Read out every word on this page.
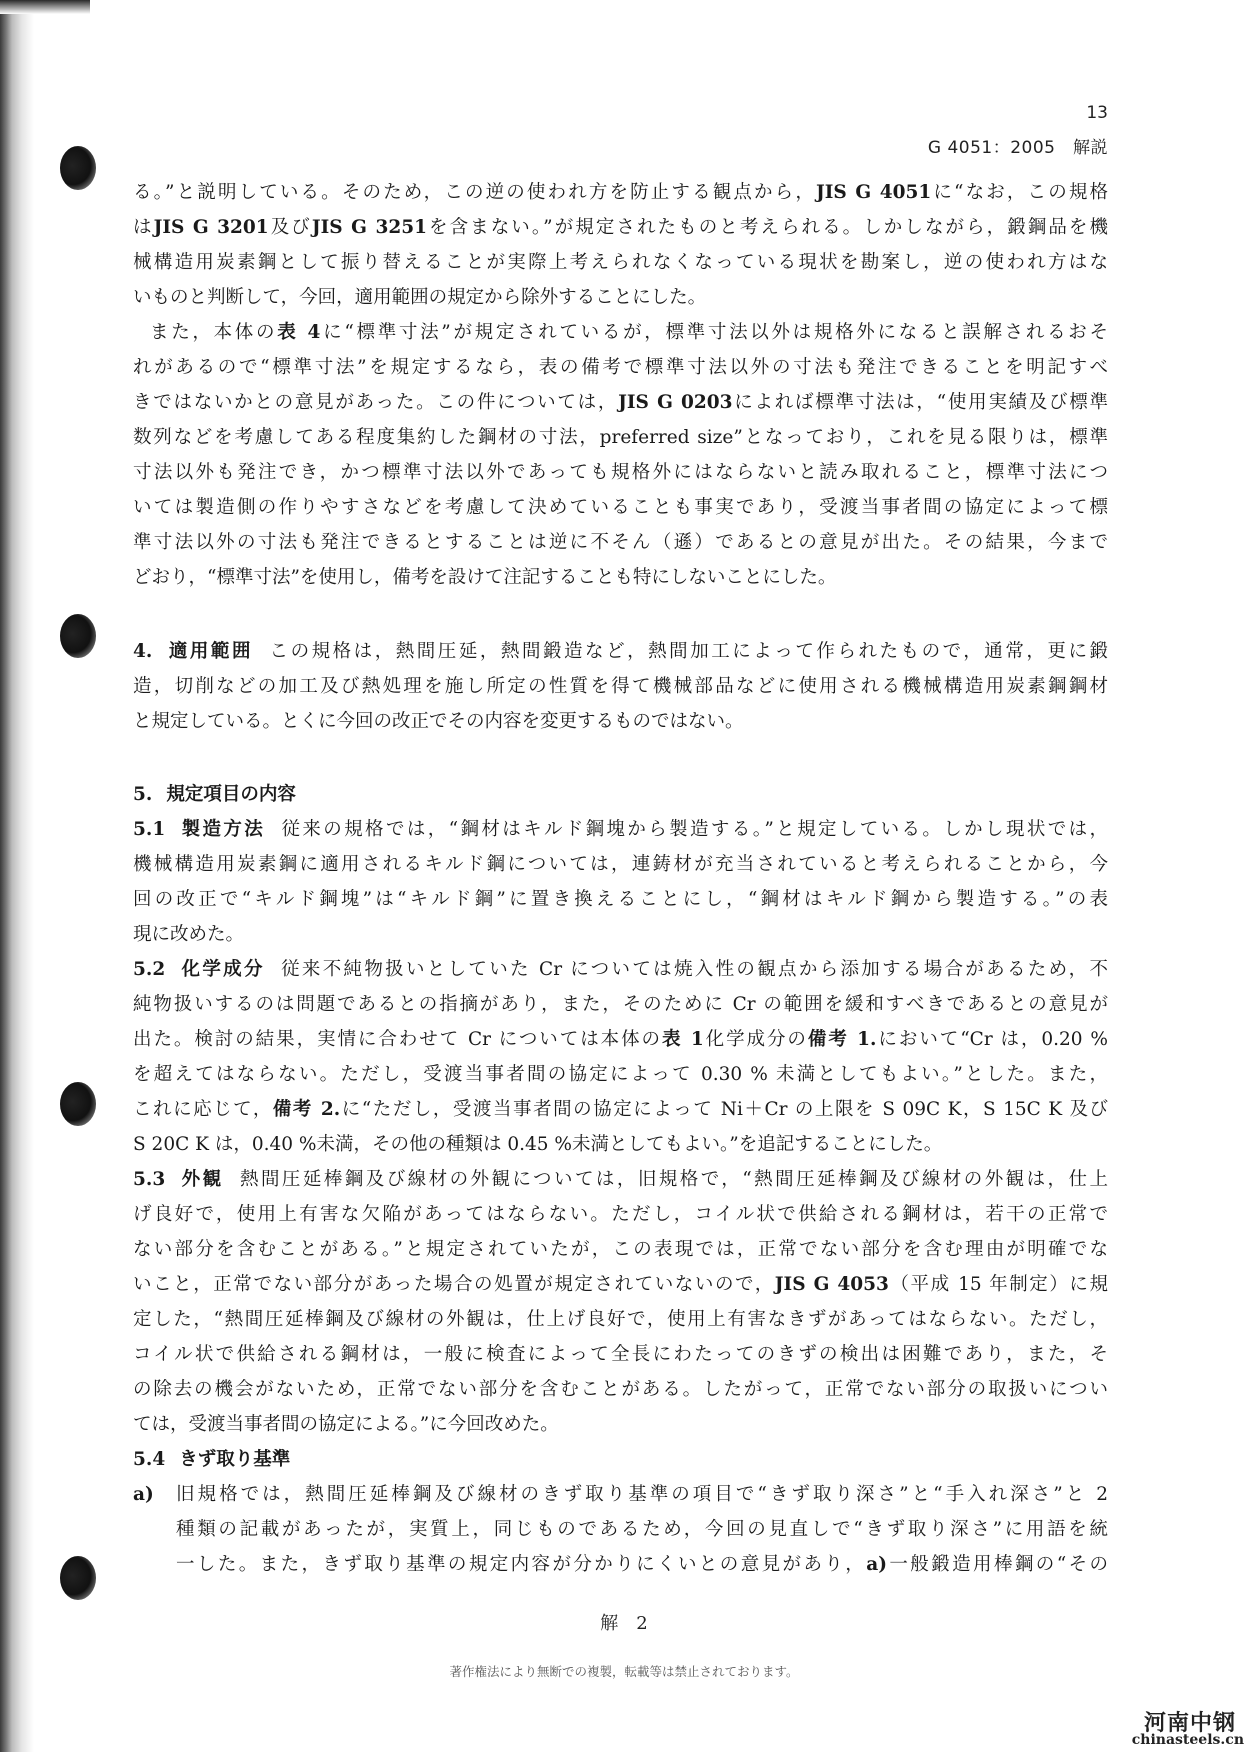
13
G 4051：2005　解説
る。”と説明している。そのため，この逆の使われ方を防止する観点から，JIS G 4051に“なお，この規格
はJIS G 3201及びJIS G 3251を含まない。”が規定されたものと考えられる。しかしながら，鍛鋼品を機
械構造用炭素鋼として振り替えることが実際上考えられなくなっている現状を勘案し，逆の使われ方はな
いものと判断して，今回，適用範囲の規定から除外することにした。
また，本体の表 4に“標準寸法”が規定されているが，標準寸法以外は規格外になると誤解されるおそ
れがあるので“標準寸法”を規定するなら，表の備考で標準寸法以外の寸法も発注できることを明記すべ
きではないかとの意見があった。この件については，JIS G 0203によれば標準寸法は，“使用実績及び標準
数列などを考慮してある程度集約した鋼材の寸法，preferred size”となっており，これを見る限りは，標準
寸法以外も発注でき，かつ標準寸法以外であっても規格外にはならないと読み取れること，標準寸法につ
いては製造側の作りやすさなどを考慮して決めていることも事実であり，受渡当事者間の協定によって標
準寸法以外の寸法も発注できるとすることは逆に不そん（遜）であるとの意見が出た。その結果，今まで
どおり，“標準寸法”を使用し，備考を設けて注記することも特にしないことにした。
4. 適用範囲 この規格は，熱間圧延，熱間鍛造など，熱間加工によって作られたもので，通常，更に鍛
造，切削などの加工及び熱処理を施し所定の性質を得て機械部品などに使用される機械構造用炭素鋼鋼材
と規定している。とくに今回の改正でその内容を変更するものではない。
5. 規定項目の内容
5.1 製造方法 従来の規格では，“鋼材はキルド鋼塊から製造する。”と規定している。しかし現状では，
機械構造用炭素鋼に適用されるキルド鋼については，連鋳材が充当されていると考えられることから，今
回の改正で“キルド鋼塊”は“キルド鋼”に置き換えることにし，“鋼材はキルド鋼から製造する。”の表
現に改めた。
5.2 化学成分 従来不純物扱いとしていた Cr については焼入性の観点から添加する場合があるため，不
純物扱いするのは問題であるとの指摘があり，また，そのために Cr の範囲を緩和すべきであるとの意見が
出た。検討の結果，実情に合わせて Cr については本体の表 1化学成分の備考 1.において“Cr は，0.20 %
を超えてはならない。ただし，受渡当事者間の協定によって 0.30 % 未満としてもよい。”とした。また，
これに応じて，備考 2.に“ただし，受渡当事者間の協定によって Ni＋Cr の上限を S 09C K，S 15C K 及び
S 20C K は，0.40 %未満，その他の種類は 0.45 %未満としてもよい。”を追記することにした。
5.3 外観 熱間圧延棒鋼及び線材の外観については，旧規格で，“熱間圧延棒鋼及び線材の外観は，仕上
げ良好で，使用上有害な欠陥があってはならない。ただし，コイル状で供給される鋼材は，若干の正常で
ない部分を含むことがある。”と規定されていたが，この表現では，正常でない部分を含む理由が明確でな
いこと，正常でない部分があった場合の処置が規定されていないので，JIS G 4053（平成 15 年制定）に規
定した，“熱間圧延棒鋼及び線材の外観は，仕上げ良好で，使用上有害なきずがあってはならない。ただし，
コイル状で供給される鋼材は，一般に検査によって全長にわたってのきずの検出は困難であり，また，そ
の除去の機会がないため，正常でない部分を含むことがある。したがって，正常でない部分の取扱いについ
ては，受渡当事者間の協定による。”に今回改めた。
5.4 きず取り基準
a) 旧規格では，熱間圧延棒鋼及び線材のきず取り基準の項目で“きず取り深さ”と“手入れ深さ”と 2
種類の記載があったが，実質上，同じものであるため，今回の見直しで“きず取り深さ”に用語を統
一した。また，きず取り基準の規定内容が分かりにくいとの意見があり，a)一般鍛造用棒鋼の“その
解　2
著作権法により無断での複製，転載等は禁止されております。
河南中钢
chinasteels.cn
